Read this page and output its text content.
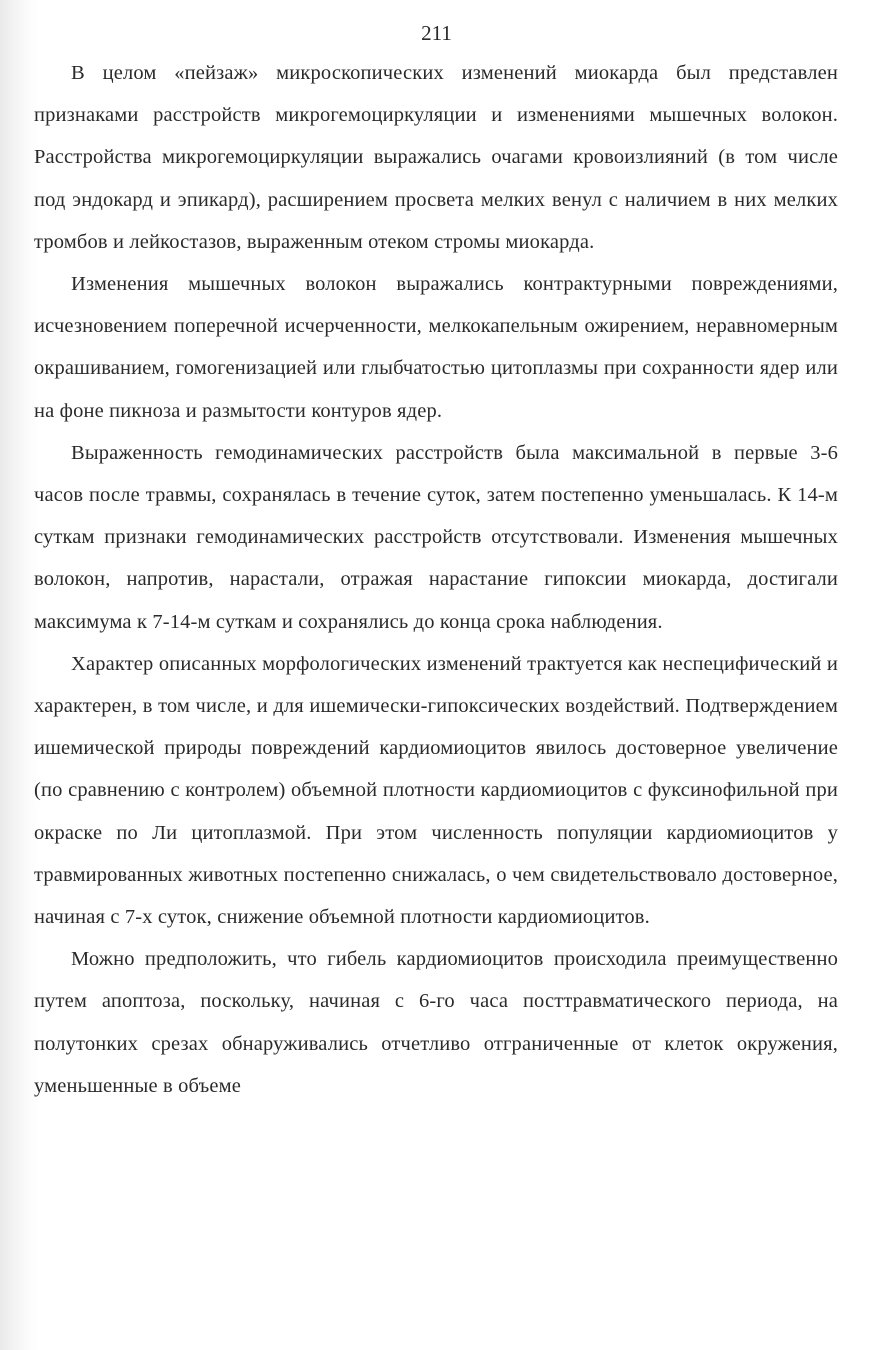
211

В целом «пейзаж» микроскопических изменений миокарда был представлен признаками расстройств микрогемоциркуляции и изменениями мышечных волокон. Расстройства микрогемоциркуляции выражались очагами кровоизлияний (в том числе под эндокард и эпикард), расширением просвета мелких венул с наличием в них мелких тромбов и лейкостазов, выраженным отеком стромы миокарда.

Изменения мышечных волокон выражались контрактурными повреждениями, исчезновением поперечной исчерченности, мелкокапельным ожирением, неравномерным окрашиванием, гомогенизацией или глыбчатостью цитоплазмы при сохранности ядер или на фоне пикноза и размытости контуров ядер.

Выраженность гемодинамических расстройств была максимальной в первые 3-6 часов после травмы, сохранялась в течение суток, затем постепенно уменьшалась. К 14-м суткам признаки гемодинамических расстройств отсутствовали. Изменения мышечных волокон, напротив, нарастали, отражая нарастание гипоксии миокарда, достигали максимума к 7-14-м суткам и сохранялись до конца срока наблюдения.

Характер описанных морфологических изменений трактуется как неспецифический и характерен, в том числе, и для ишемически-гипоксических воздействий. Подтверждением ишемической природы повреждений кардиомиоцитов явилось достоверное увеличение (по сравнению с контролем) объемной плотности кардиомиоцитов с фуксинофильной при окраске по Ли цитоплазмой. При этом численность популяции кардиомиоцитов у травмированных животных постепенно снижалась, о чем свидетельствовало достоверное, начиная с 7-х суток, снижение объемной плотности кардиомиоцитов.

Можно предположить, что гибель кардиомиоцитов происходила преимущественно путем апоптоза, поскольку, начиная с 6-го часа посттравматического периода, на полутонких срезах обнаруживались отчетливо отграниченные от клеток окружения, уменьшенные в объеме
